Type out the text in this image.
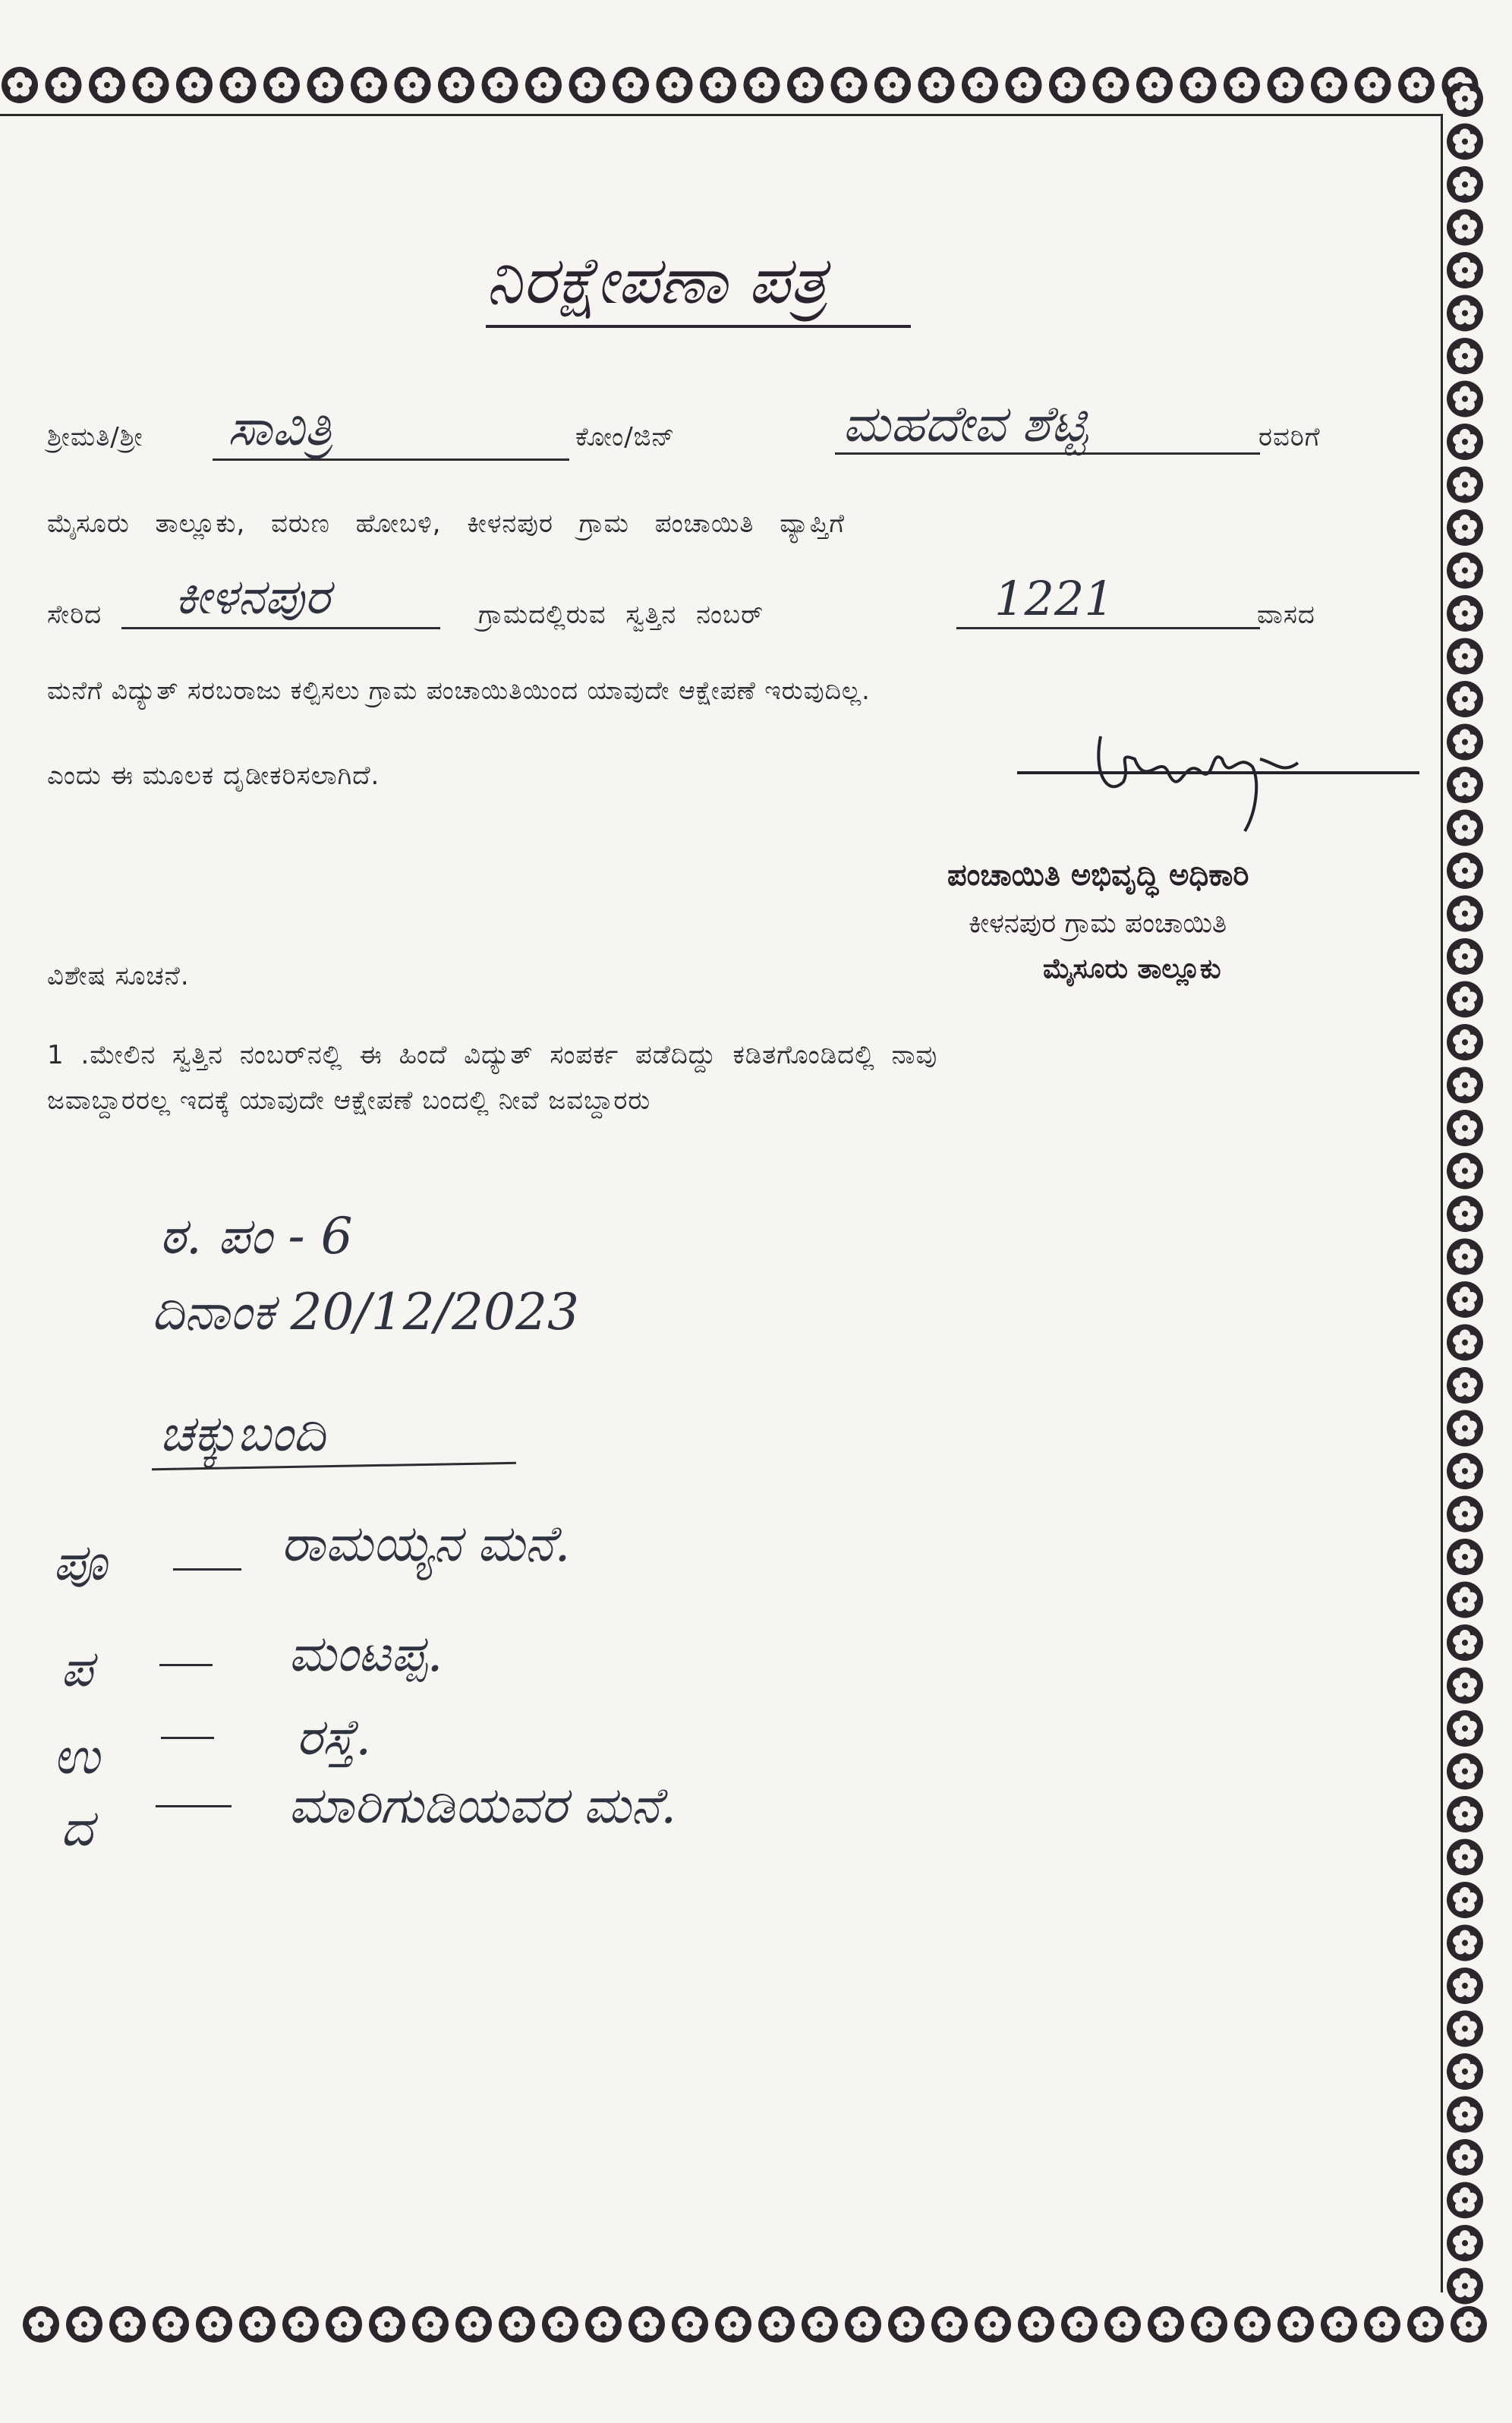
ನಿರಕ್ಷೇಪಣಾ ಪತ್ರ
ಶ್ರೀಮತಿ/ಶ್ರೀ ಸಾವಿತ್ರಿ	ಕೋಂ/ಜಿನ್	ಮಹದೇವ ಶೆಟ್ಟಿ	ರವರಿಗೆ
ಮೈಸೂರು ತಾಲ್ಲೂಕು, ವರುಣ ಹೋಬಳಿ, ಕೀಳನಪುರ ಗ್ರಾಮ ಪಂಚಾಯಿತಿ ವ್ಯಾಪ್ತಿಗೆ
ಸೇರಿದ ಕೀಳನಪುರ	ಗ್ರಾಮದಲ್ಲಿರುವ ಸ್ವತ್ತಿನ ನಂಬರ್	1221	ವಾಸದ
ಮನೆಗೆ ವಿದ್ಯುತ್ ಸರಬರಾಜು ಕಲ್ಪಿಸಲು ಗ್ರಾಮ ಪಂಚಾಯಿತಿಯಿಂದ ಯಾವುದೇ ಆಕ್ಷೇಪಣೆ ಇರುವುದಿಲ್ಲ.
ಎಂದು ಈ ಮೂಲಕ ದೃಡೀಕರಿಸಲಾಗಿದೆ.
ಪಂಚಾಯಿತಿ ಅಭಿವೃದ್ಧಿ ಅಧಿಕಾರಿ
ಕೀಳನಪುರ ಗ್ರಾಮ ಪಂಚಾಯಿತಿ
ಮೈಸೂರು ತಾಲ್ಲೂಕು
ವಿಶೇಷ ಸೂಚನೆ.
1 .ಮೇಲಿನ ಸ್ವತ್ತಿನ ನಂಬರ್‌ನಲ್ಲಿ ಈ ಹಿಂದೆ ವಿದ್ಯುತ್ ಸಂಪರ್ಕ ಪಡೆದಿದ್ದು ಕಡಿತಗೊಂಡಿದಲ್ಲಿ ನಾವು
ಜವಾಬ್ದಾರರಲ್ಲ ಇದಕ್ಕೆ ಯಾವುದೇ ಆಕ್ಷೇಪಣೆ ಬಂದಲ್ಲಿ ನೀವೆ ಜವಬ್ದಾರರು
ಠ. ಪಂ - 6
ದಿನಾಂಕ 20/12/2023
ಚಕ್ಕುಬಂದಿ
ಪೂ	ರಾಮಯ್ಯನ ಮನೆ.
ಪ	ಮಂಟಪ್ಪ.
ಉ	ರಸ್ತೆ.
ದ	ಮಾರಿಗುಡಿಯವರ ಮನೆ.
